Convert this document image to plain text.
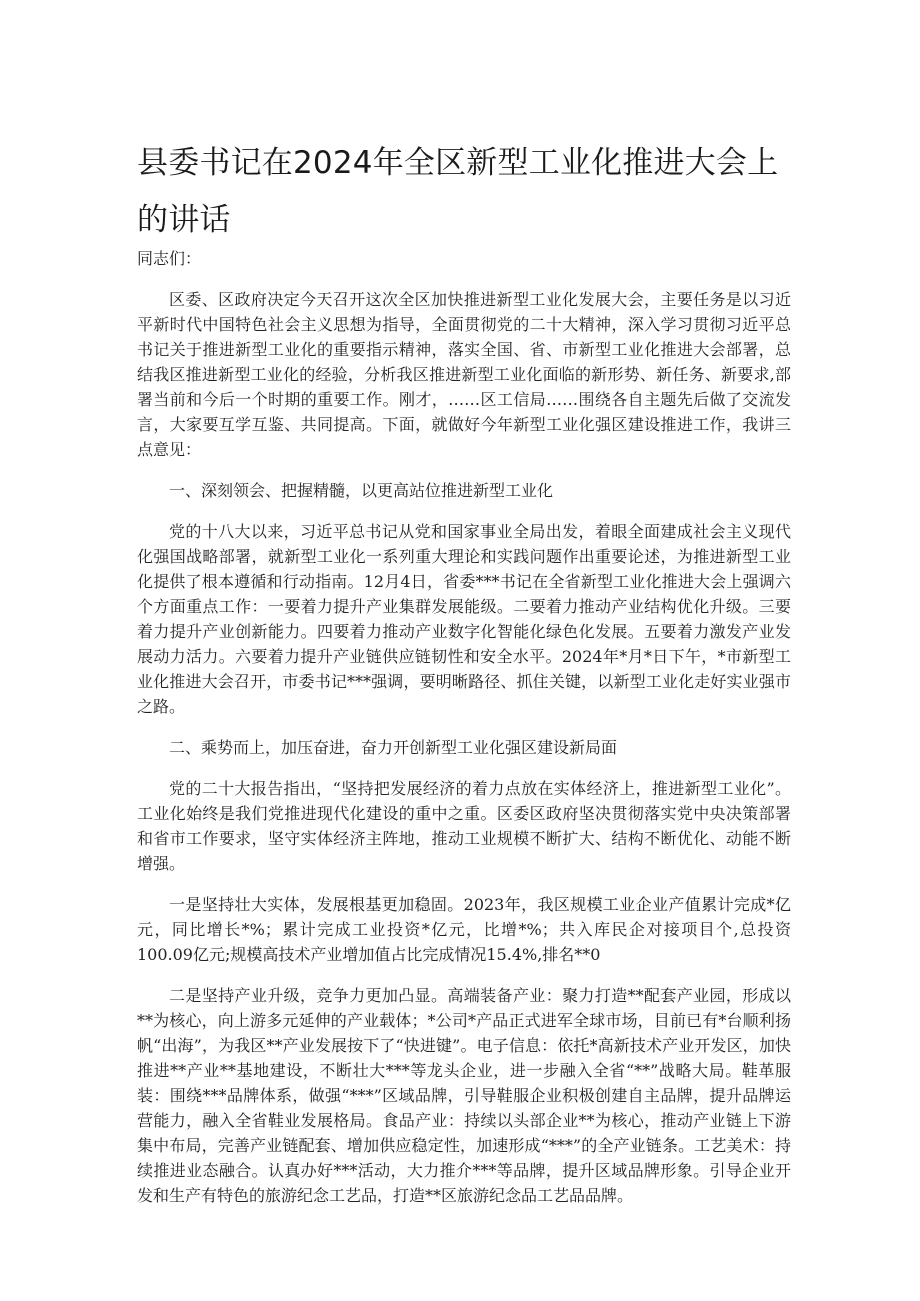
县委书记在2024年全区新型工业化推进大会上的讲话

同志们：

区委、区政府决定今天召开这次全区加快推进新型工业化发展大会，主要任务是以习近平新时代中国特色社会主义思想为指导，全面贯彻党的二十大精神，深入学习贯彻习近平总书记关于推进新型工业化的重要指示精神，落实全国、省、市新型工业化推进大会部署，总结我区推进新型工业化的经验，分析我区推进新型工业化面临的新形势、新任务、新要求,部署当前和今后一个时期的重要工作。刚才，……区工信局……围绕各自主题先后做了交流发言，大家要互学互鉴、共同提高。下面，就做好今年新型工业化强区建设推进工作，我讲三点意见：

一、深刻领会、把握精髓，以更高站位推进新型工业化

党的十八大以来，习近平总书记从党和国家事业全局出发，着眼全面建成社会主义现代化强国战略部署，就新型工业化一系列重大理论和实践问题作出重要论述，为推进新型工业化提供了根本遵循和行动指南。12月4日，省委***书记在全省新型工业化推进大会上强调六个方面重点工作：一要着力提升产业集群发展能级。二要着力推动产业结构优化升级。三要着力提升产业创新能力。四要着力推动产业数字化智能化绿色化发展。五要着力激发产业发展动力活力。六要着力提升产业链供应链韧性和安全水平。2024年*月*日下午，*市新型工业化推进大会召开，市委书记***强调，要明晰路径、抓住关键，以新型工业化走好实业强市之路。

二、乘势而上，加压奋进，奋力开创新型工业化强区建设新局面

党的二十大报告指出，“坚持把发展经济的着力点放在实体经济上，推进新型工业化”。工业化始终是我们党推进现代化建设的重中之重。区委区政府坚决贯彻落实党中央决策部署和省市工作要求，坚守实体经济主阵地，推动工业规模不断扩大、结构不断优化、动能不断增强。

一是坚持壮大实体，发展根基更加稳固。2023年，我区规模工业企业产值累计完成*亿元，同比增长*%；累计完成工业投资*亿元，比增*%；共入库民企对接项目个,总投资100.09亿元;规模高技术产业增加值占比完成情况15.4%,排名**0

二是坚持产业升级，竞争力更加凸显。高端装备产业：聚力打造**配套产业园，形成以**为核心，向上游多元延伸的产业载体；*公司*产品正式进军全球市场，目前已有*台顺利扬帆“出海”，为我区**产业发展按下了“快进键”。电子信息：依托*高新技术产业开发区，加快推进**产业**基地建设，不断壮大***等龙头企业，进一步融入全省“**”战略大局。鞋革服装：围绕***品牌体系，做强“***”区域品牌，引导鞋服企业积极创建自主品牌，提升品牌运营能力，融入全省鞋业发展格局。食品产业：持续以头部企业**为核心，推动产业链上下游集中布局，完善产业链配套、增加供应稳定性，加速形成“***”的全产业链条。工艺美术：持续推进业态融合。认真办好***活动，大力推介***等品牌，提升区域品牌形象。引导企业开发和生产有特色的旅游纪念工艺品，打造**区旅游纪念品工艺品品牌。
